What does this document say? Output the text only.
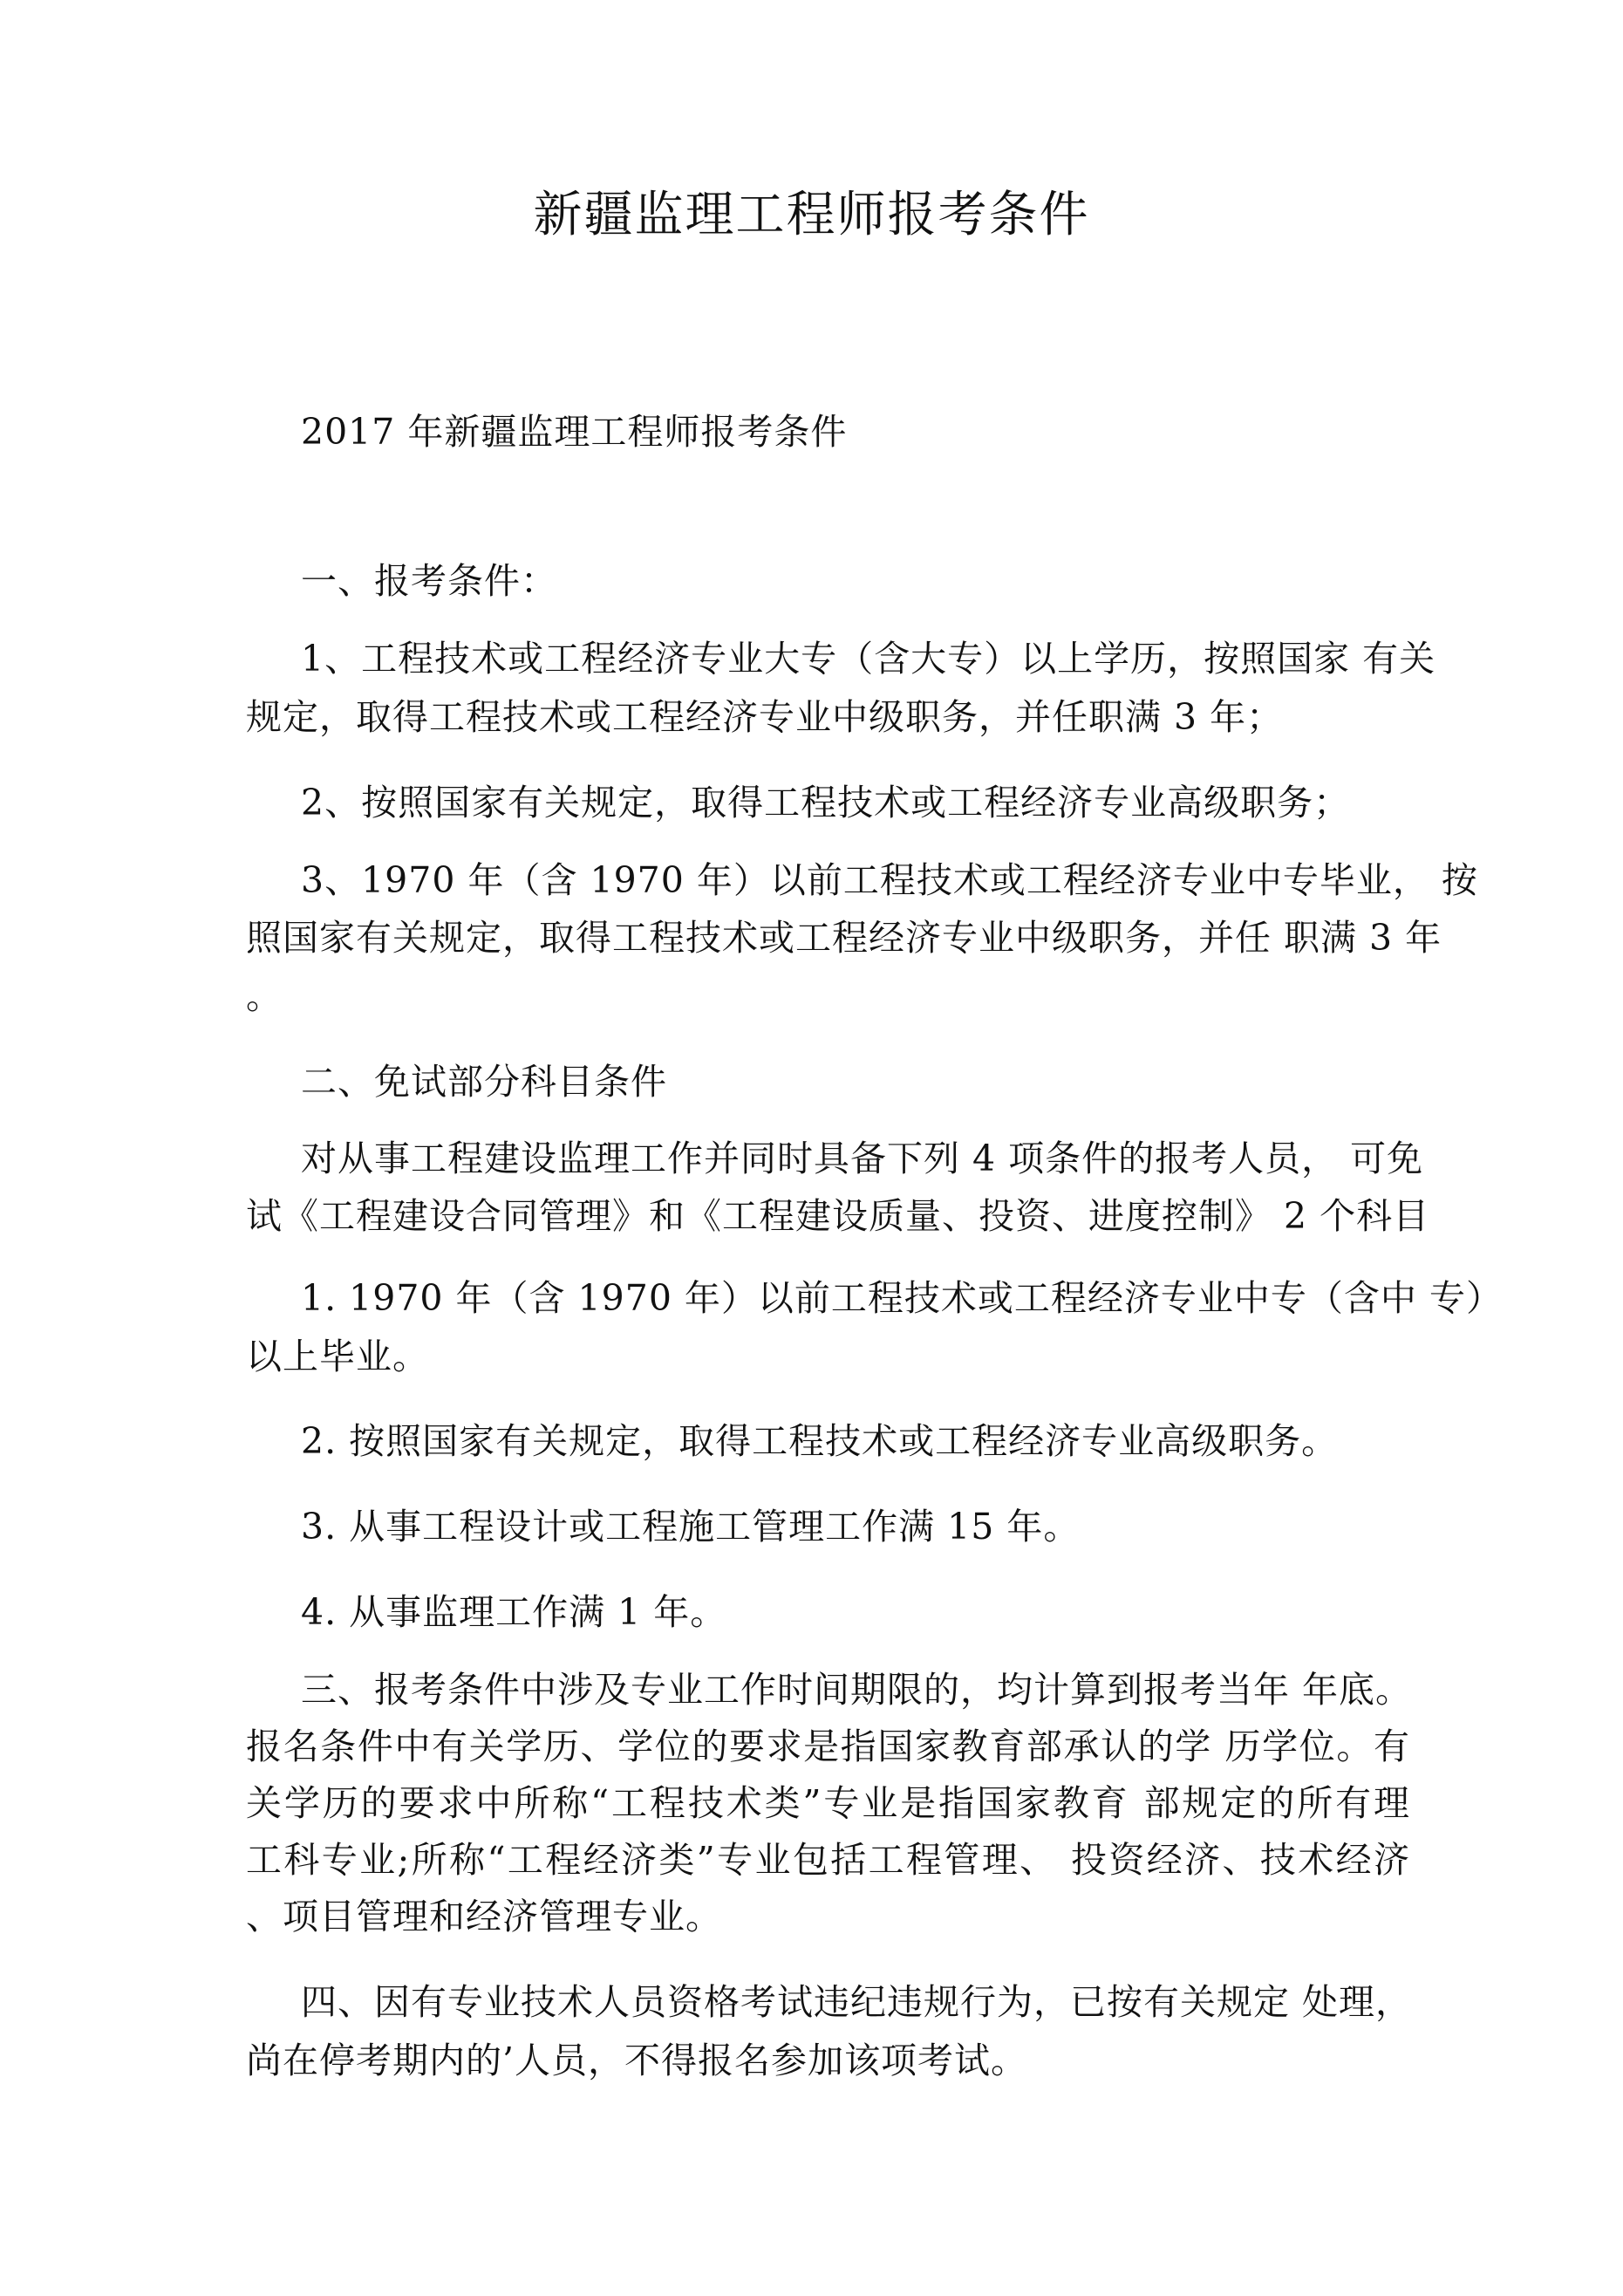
新疆监理工程师报考条件
2017 年新疆监理工程师报考条件
一、报考条件：
1、工程技术或工程经济专业大专（含大专）以上学历，按照国家 有关
规定，取得工程技术或工程经济专业中级职务，并任职满 3 年；
2、按照国家有关规定，取得工程技术或工程经济专业高级职务；
3、1970 年（含 1970 年）以前工程技术或工程经济专业中专毕业， 按
照国家有关规定，取得工程技术或工程经济专业中级职务，并任 职满 3 年
。
二、免试部分科目条件
对从事工程建设监理工作并同时具备下列 4 项条件的报考人员， 可免
试《工程建设合同管理》和《工程建设质量、投资、进度控制》 2 个科目
1. 1970 年（含 1970 年）以前工程技术或工程经济专业中专（含中 专）
以上毕业。
2. 按照国家有关规定，取得工程技术或工程经济专业高级职务。
3. 从事工程设计或工程施工管理工作满 15 年。
4. 从事监理工作满 1 年。
三、报考条件中涉及专业工作时间期限的，均计算到报考当年 年底。
报名条件中有关学历、学位的要求是指国家教育部承认的学 历学位。有
关学历的要求中所称“工程技术类”专业是指国家教育 部规定的所有理
工科专业;所称“工程经济类”专业包括工程管理、 投资经济、技术经济
、项目管理和经济管理专业。
四、因有专业技术人员资格考试违纪违规行为，已按有关规定 处理，
尚在停考期内的’人员，不得报名参加该项考试。
